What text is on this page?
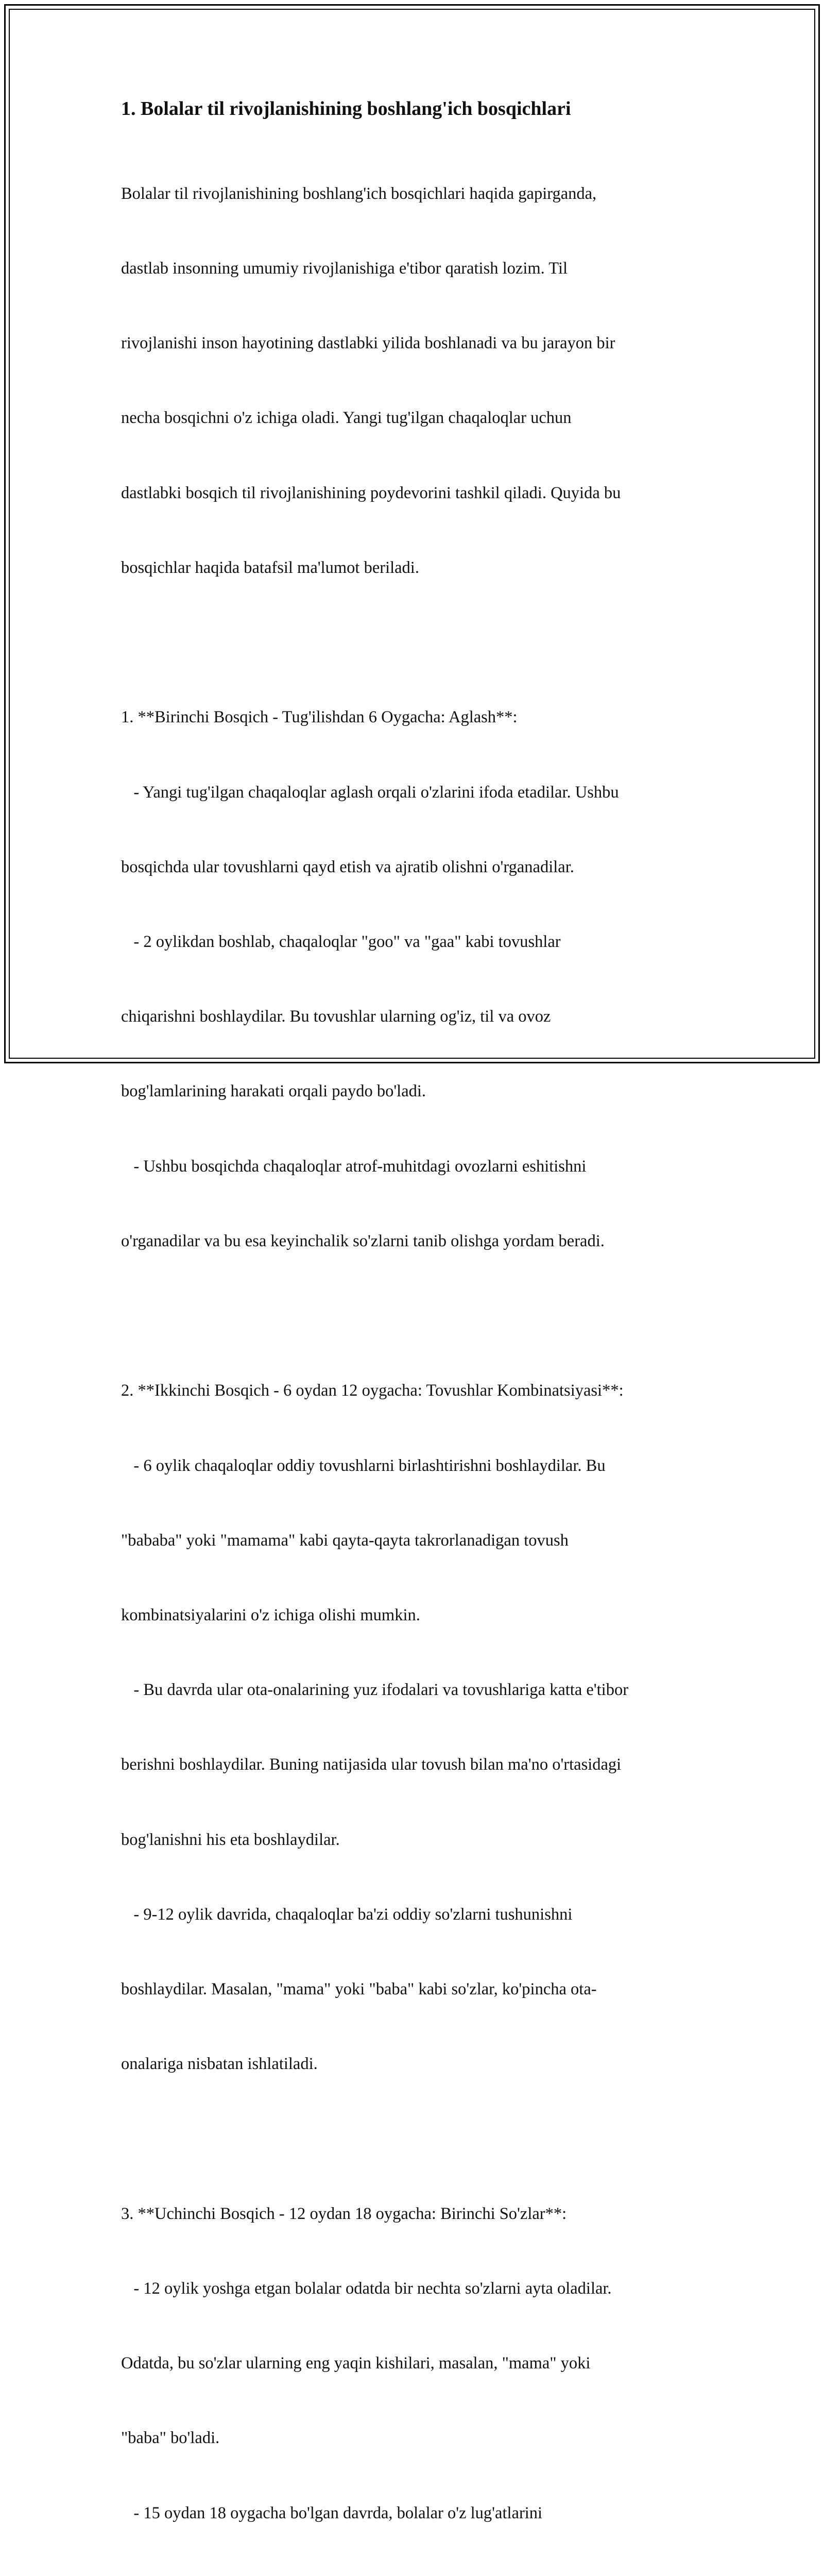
1. Bolalar til rivojlanishining boshlang'ich bosqichlari

Bolalar til rivojlanishining boshlang'ich bosqichlari haqida gapirganda,

dastlab insonning umumiy rivojlanishiga e'tibor qaratish lozim. Til

rivojlanishi inson hayotining dastlabki yilida boshlanadi va bu jarayon bir

necha bosqichni o'z ichiga oladi. Yangi tug'ilgan chaqaloqlar uchun

dastlabki bosqich til rivojlanishining poydevorini tashkil qiladi. Quyida bu

bosqichlar haqida batafsil ma'lumot beriladi.

1. **Birinchi Bosqich - Tug'ilishdan 6 Oygacha: Aglash**:

- Yangi tug'ilgan chaqaloqlar aglash orqali o'zlarini ifoda etadilar. Ushbu

bosqichda ular tovushlarni qayd etish va ajratib olishni o'rganadilar.

- 2 oylikdan boshlab, chaqaloqlar "goo" va "gaa" kabi tovushlar

chiqarishni boshlaydilar. Bu tovushlar ularning og'iz, til va ovoz

bog'lamlarining harakati orqali paydo bo'ladi.

- Ushbu bosqichda chaqaloqlar atrof-muhitdagi ovozlarni eshitishni

o'rganadilar va bu esa keyinchalik so'zlarni tanib olishga yordam beradi.

2. **Ikkinchi Bosqich - 6 oydan 12 oygacha: Tovushlar Kombinatsiyasi**:

- 6 oylik chaqaloqlar oddiy tovushlarni birlashtirishni boshlaydilar. Bu

"bababa" yoki "mamama" kabi qayta-qayta takrorlanadigan tovush

kombinatsiyalarini o'z ichiga olishi mumkin.

- Bu davrda ular ota-onalarining yuz ifodalari va tovushlariga katta e'tibor

berishni boshlaydilar. Buning natijasida ular tovush bilan ma'no o'rtasidagi

bog'lanishni his eta boshlaydilar.

- 9-12 oylik davrida, chaqaloqlar ba'zi oddiy so'zlarni tushunishni

boshlaydilar. Masalan, "mama" yoki "baba" kabi so'zlar, ko'pincha ota-

onalariga nisbatan ishlatiladi.

3. **Uchinchi Bosqich - 12 oydan 18 oygacha: Birinchi So'zlar**:

- 12 oylik yoshga etgan bolalar odatda bir nechta so'zlarni ayta oladilar.

Odatda, bu so'zlar ularning eng yaqin kishilari, masalan, "mama" yoki

"baba" bo'ladi.

- 15 oydan 18 oygacha bo'lgan davrda, bolalar o'z lug'atlarini
